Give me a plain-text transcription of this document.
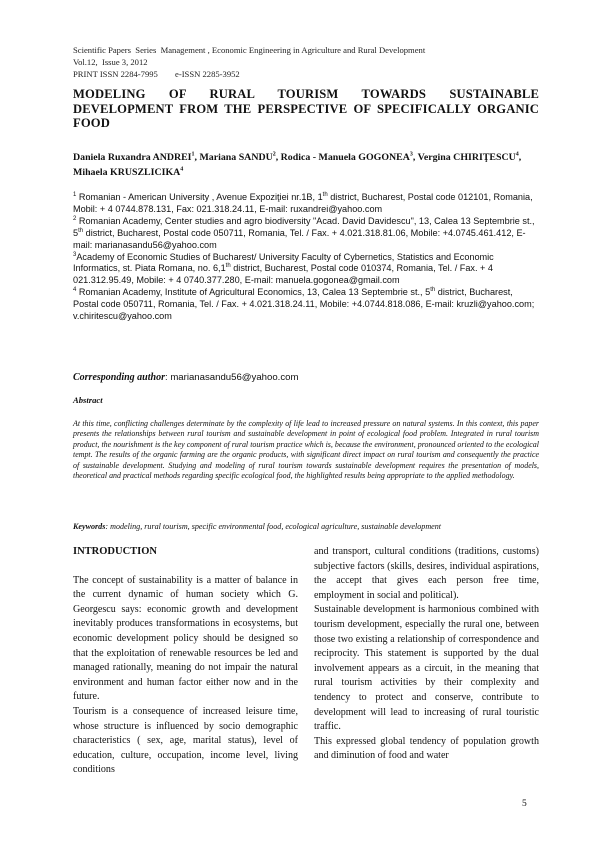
Scientific Papers  Series  Management , Economic Engineering in Agriculture and Rural Development
Vol.12,  Issue 3, 2012
PRINT ISSN 2284-7995        e-ISSN 2285-3952
MODELING OF RURAL TOURISM TOWARDS SUSTAINABLE DEVELOPMENT FROM THE PERSPECTIVE OF SPECIFICALLY ORGANIC FOOD
Daniela Ruxandra ANDREI$^1$, Mariana SANDU$^2$, Rodica - Manuela GOGONEA$^3$, Vergina CHIRIŢESCU$^4$, Mihaela KRUSZLICIKA$^4$

$^1$ Romanian - American University , Avenue Expoziţiei nr.1B, 1th district, Bucharest, Postal code 012101, Romania, Mobil: + 4 0744.878.131, Fax: 021.318.24.11, E-mail: ruxandrei@yahoo.com

$^2$ Romanian Academy, Center studies and agro biodiversity "Acad. David Davidescu", 13, Calea 13 Septembrie st., 5th district, Bucharest, Postal code 050711, Romania, Tel. / Fax. + 4.021.318.81.06, Mobile: +4.0745.461.412, E-mail: marianasandu56@yahoo.com

$^3$Academy of Economic Studies of Bucharest/ University Faculty of Cybernetics, Statistics and Economic Informatics, st. Piata Romana, no. 6,1th district, Bucharest, Postal code 010374, Romania, Tel. / Fax. + 4 021.312.95.49, Mobile: + 4 0740.377.280, E-mail: manuela.gogonea@gmail.com

$^4$ Romanian Academy, Institute of Agricultural Economics, 13, Calea 13 Septembrie st., 5th district, Bucharest, Postal code 050711, Romania, Tel. / Fax. + 4.021.318.24.11, Mobile: +4.0744.818.086, E-mail: kruzli@yahoo.com; v.chiritescu@yahoo.com

Corresponding author: marianasandu56@yahoo.com
Abstract
At this time, conflicting challenges determinate by the complexity of life lead to increased pressure on natural systems. In this context, this paper presents the relationships between rural tourism and sustainable development in point of ecological food problem. Integrated in rural tourism product, the nourishment is the key component of rural tourism practice which is, because the environment, pronounced oriented to the ecological tempt. The results of the organic farming are the organic products, with significant direct impact on rural tourism and consequently the practice of sustainable development. Studying and modeling of rural tourism towards sustainable development requires the presentation of models, theoretical and practical methods regarding specific ecological food, the highlighted results being appropriate to the applied methodology.
Keywords: modeling, rural tourism, specific environmental food, ecological agriculture, sustainable development

INTRODUCTION

The concept of sustainability is a matter of balance in the current dynamic of human society which G. Georgescu says: economic growth and development inevitably produces transformations in ecosystems, but economic development policy should be designed so that the exploitation of renewable resources be led and managed rationally, meaning do not impair the natural environment and human factor either now and in the future.

Tourism is a consequence of increased leisure time, whose structure is influenced by socio demographic characteristics ( sex, age, marital status), level of education, culture, occupation, income level, living conditions

and transport, cultural conditions (traditions, customs) subjective factors (skills, desires, individual aspirations, the accept that gives each person free time, employment in social and political).

Sustainable development is harmonious combined with tourism development, especially the rural one, between those two existing a relationship of correspondence and reciprocity. This statement is supported by the dual involvement appears as a circuit, in the meaning that rural tourism activities by their complexity and tendency to protect and conserve, contribute to development will lead to increasing of rural touristic traffic.

This expressed global tendency of population growth and diminution of food and water

5
